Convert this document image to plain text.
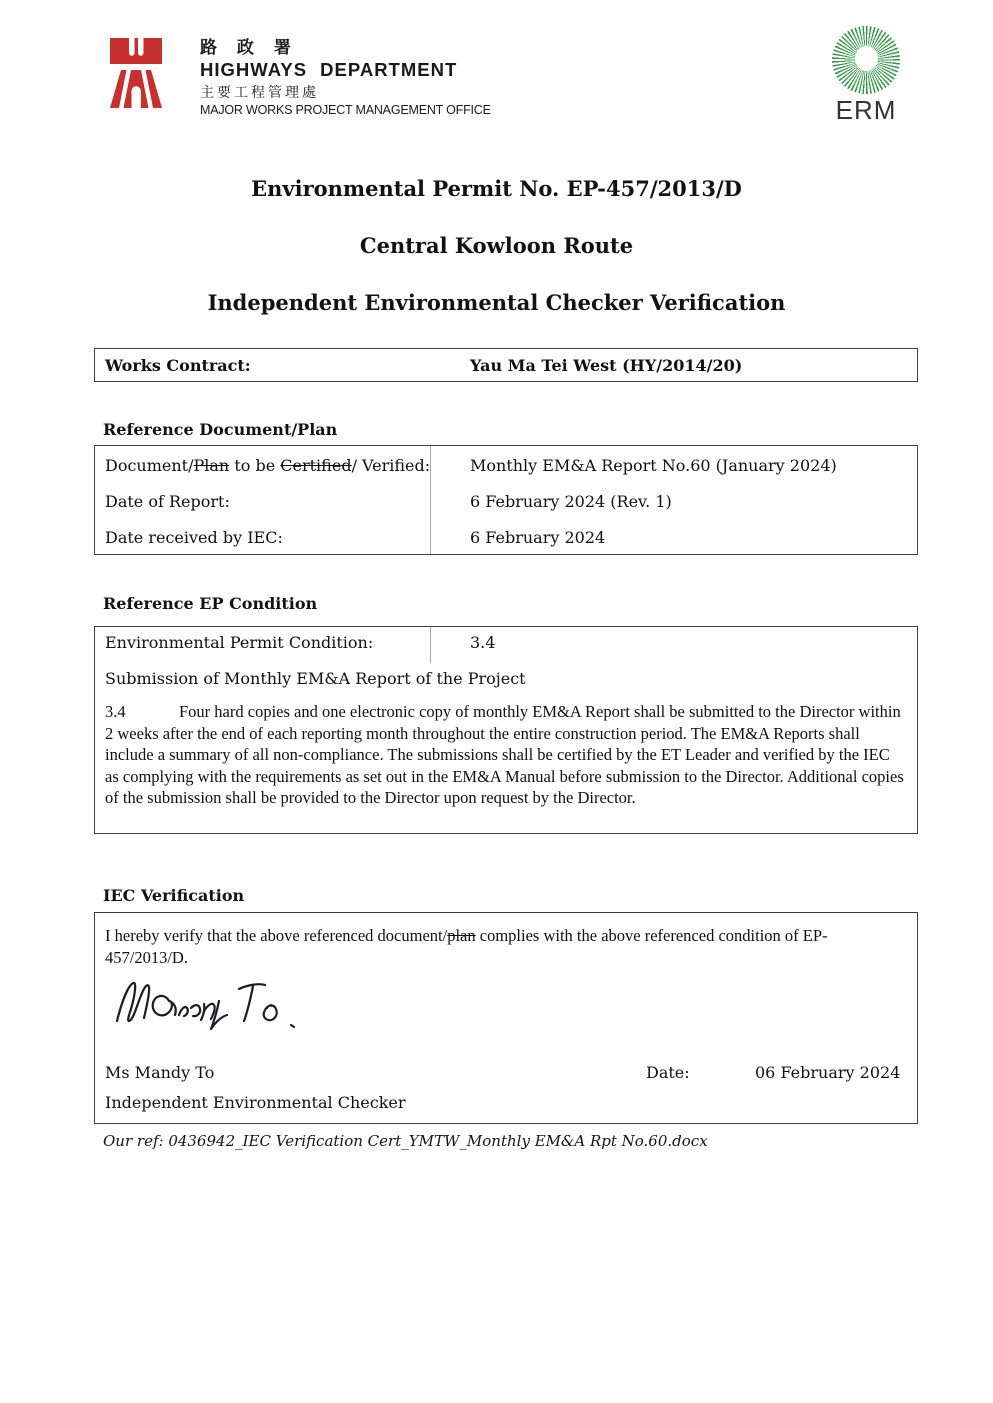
路 政 署
HIGHWAYS DEPARTMENT
主要工程管理處
MAJOR WORKS PROJECT MANAGEMENT OFFICE	ERM
Environmental Permit No. EP-457/2013/D
Central Kowloon Route
Independent Environmental Checker Verification
Works Contract:	Yau Ma Tei West (HY/2014/20)
Reference Document/Plan
Document/Plan to be Certified/ Verified:	Monthly EM&A Report No.60 (January 2024)
Date of Report:	6 February 2024 (Rev. 1)
Date received by IEC:	6 February 2024
Reference EP Condition
Environmental Permit Condition:	3.4
Submission of Monthly EM&A Report of the Project
3.4	Four hard copies and one electronic copy of monthly EM&A Report shall be submitted to the Director within 2 weeks after the end of each reporting month throughout the entire construction period. The EM&A Reports shall include a summary of all non-compliance. The submissions shall be certified by the ET Leader and verified by the IEC as complying with the requirements as set out in the EM&A Manual before submission to the Director. Additional copies of the submission shall be provided to the Director upon request by the Director.
IEC Verification
I hereby verify that the above referenced document/plan complies with the above referenced condition of EP-457/2013/D.
Ms Mandy To
Independent Environmental Checker
Date:	06 February 2024
Our ref: 0436942_IEC Verification Cert_YMTW_Monthly EM&A Rpt No.60.docx
